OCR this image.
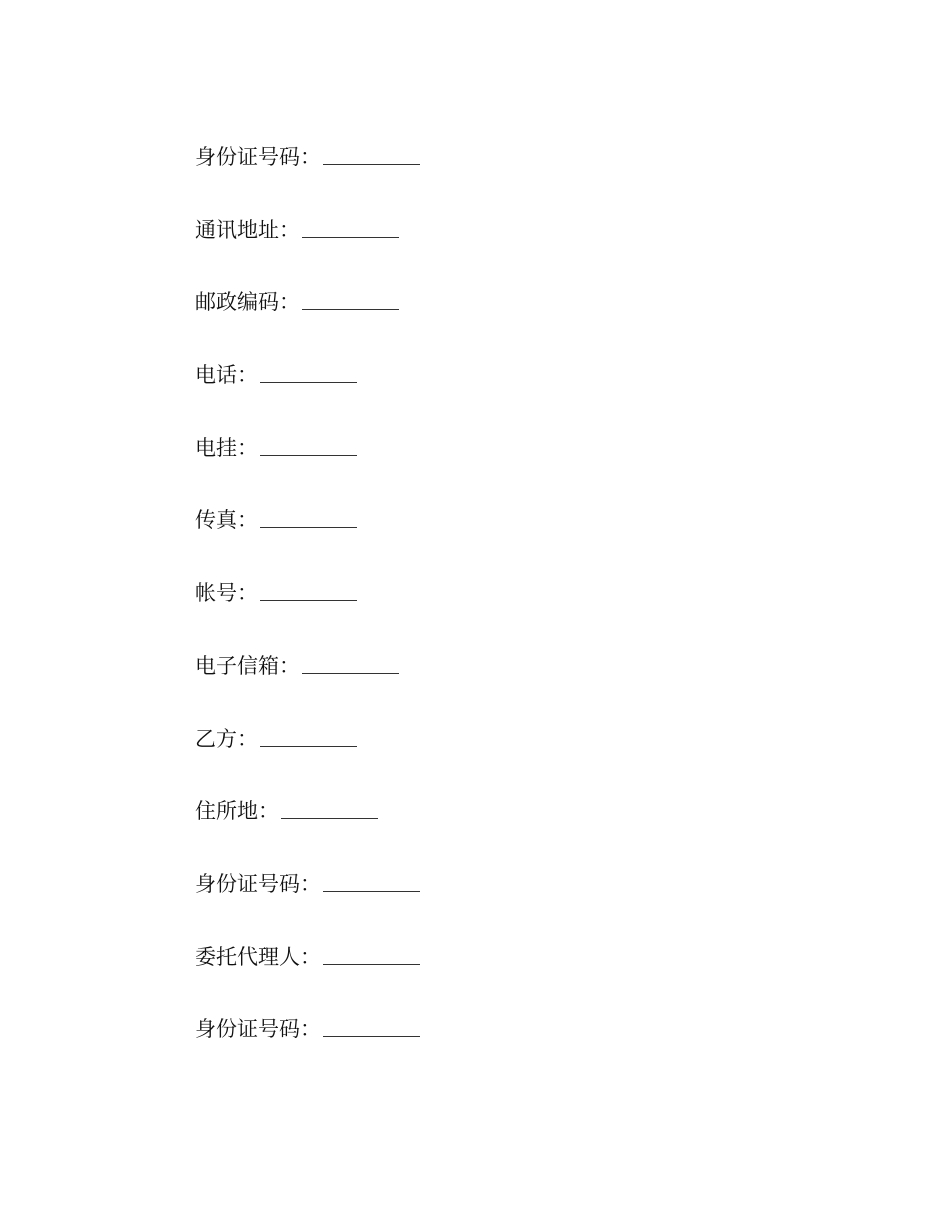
身份证号码 ：
通讯地址 ：
邮政编码 ：
电话 ：
电挂 ：
传真 ：
帐号 ：
电子信箱 ：
乙方 ：
住所地 ：
身份证号码 ：
委托代理人 ：
身份证号码 ：
